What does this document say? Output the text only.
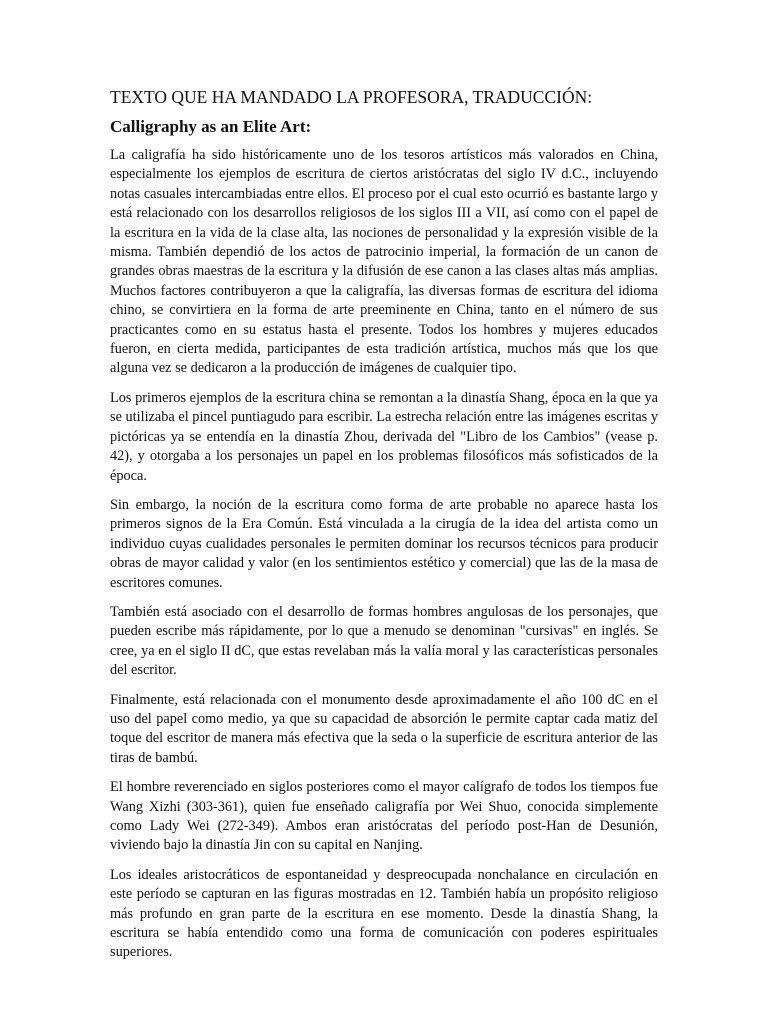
TEXTO QUE HA MANDADO LA PROFESORA, TRADUCCIÓN:
Calligraphy as an Elite Art:

La caligrafía ha sido históricamente uno de los tesoros artísticos más valorados en China, especialmente los ejemplos de escritura de ciertos aristócratas del siglo IV d.C., incluyendo notas casuales intercambiadas entre ellos. El proceso por el cual esto ocurrió es bastante largo y está relacionado con los desarrollos religiosos de los siglos III a VII, así como con el papel de la escritura en la vida de la clase alta, las nociones de personalidad y la expresión visible de la misma. También dependió de los actos de patrocinio imperial, la formación de un canon de grandes obras maestras de la escritura y la difusión de ese canon a las clases altas más amplias. Muchos factores contribuyeron a que la caligrafía, las diversas formas de escritura del idioma chino, se convirtiera en la forma de arte preeminente en China, tanto en el número de sus practicantes como en su estatus hasta el presente. Todos los hombres y mujeres educados fueron, en cierta medida, participantes de esta tradición artística, muchos más que los que alguna vez se dedicaron a la producción de imágenes de cualquier tipo.

Los primeros ejemplos de la escritura china se remontan a la dinastía Shang, época en la que ya se utilizaba el pincel puntiagudo para escribir. La estrecha relación entre las imágenes escritas y pictóricas ya se entendía en la dinastía Zhou, derivada del "Libro de los Cambios" (vease p. 42), y otorgaba a los personajes un papel en los problemas filosóficos más sofisticados de la época.

Sin embargo, la noción de la escritura como forma de arte probable no aparece hasta los primeros signos de la Era Común. Está vinculada a la cirugía de la idea del artista como un individuo cuyas cualidades personales le permiten dominar los recursos técnicos para producir obras de mayor calidad y valor (en los sentimientos estético y comercial) que las de la masa de escritores comunes.

También está asociado con el desarrollo de formas hombres angulosas de los personajes, que pueden escribe más rápidamente, por lo que a menudo se denominan "cursivas" en inglés. Se cree, ya en el siglo II dC, que estas revelaban más la valía moral y las características personales del escritor.

Finalmente, está relacionada con el monumento desde aproximadamente el año 100 dC en el uso del papel como medio, ya que su capacidad de absorción le permite captar cada matiz del toque del escritor de manera más efectiva que la seda o la superficie de escritura anterior de las tiras de bambú.

El hombre reverenciado en siglos posteriores como el mayor calígrafo de todos los tiempos fue Wang Xizhi (303-361), quien fue enseñado caligrafía por Wei Shuo, conocida simplemente como Lady Wei (272-349). Ambos eran aristócratas del período post-Han de Desunión, viviendo bajo la dinastía Jin con su capital en Nanjing.

Los ideales aristocráticos de espontaneidad y despreocupada nonchalance en circulación en este período se capturan en las figuras mostradas en 12. También había un propósito religioso más profundo en gran parte de la escritura en ese momento. Desde la dinastía Shang, la escritura se había entendido como una forma de comunicación con poderes espirituales superiores.
